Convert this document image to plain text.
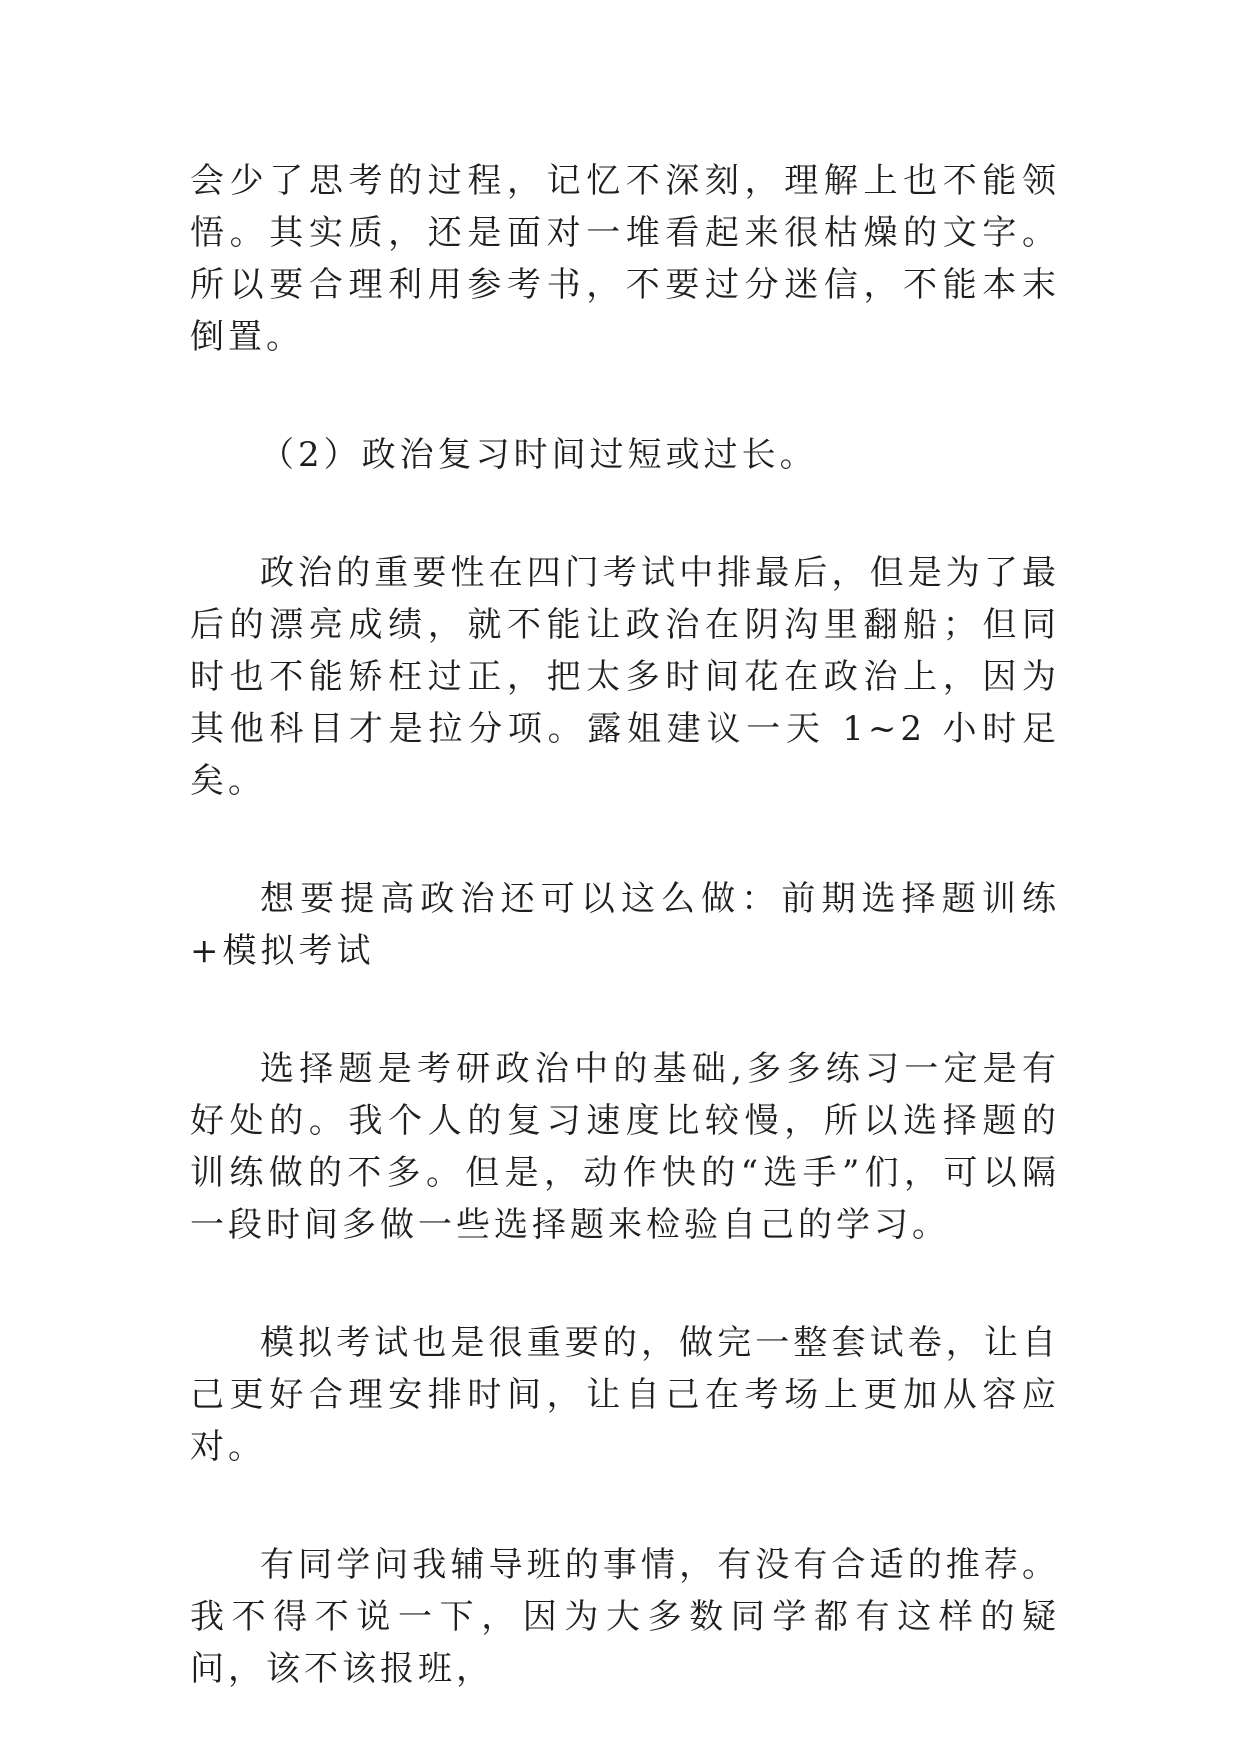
会少了思考的过程，记忆不深刻，理解上也不能领悟。其实质，还是面对一堆看起来很枯燥的文字。所以要合理利用参考书，不要过分迷信，不能本末倒置。

（2）政治复习时间过短或过长。

政治的重要性在四门考试中排最后，但是为了最后的漂亮成绩，就不能让政治在阴沟里翻船；但同时也不能矫枉过正，把太多时间花在政治上，因为其他科目才是拉分项。露姐建议一天 1~2 小时足矣。

想要提高政治还可以这么做：前期选择题训练+模拟考试

选择题是考研政治中的基础,多多练习一定是有好处的。我个人的复习速度比较慢，所以选择题的训练做的不多。但是，动作快的“选手”们，可以隔一段时间多做一些选择题来检验自己的学习。

模拟考试也是很重要的，做完一整套试卷，让自己更好合理安排时间，让自己在考场上更加从容应对。

有同学问我辅导班的事情，有没有合适的推荐。我不得不说一下，因为大多数同学都有这样的疑问，该不该报班，
